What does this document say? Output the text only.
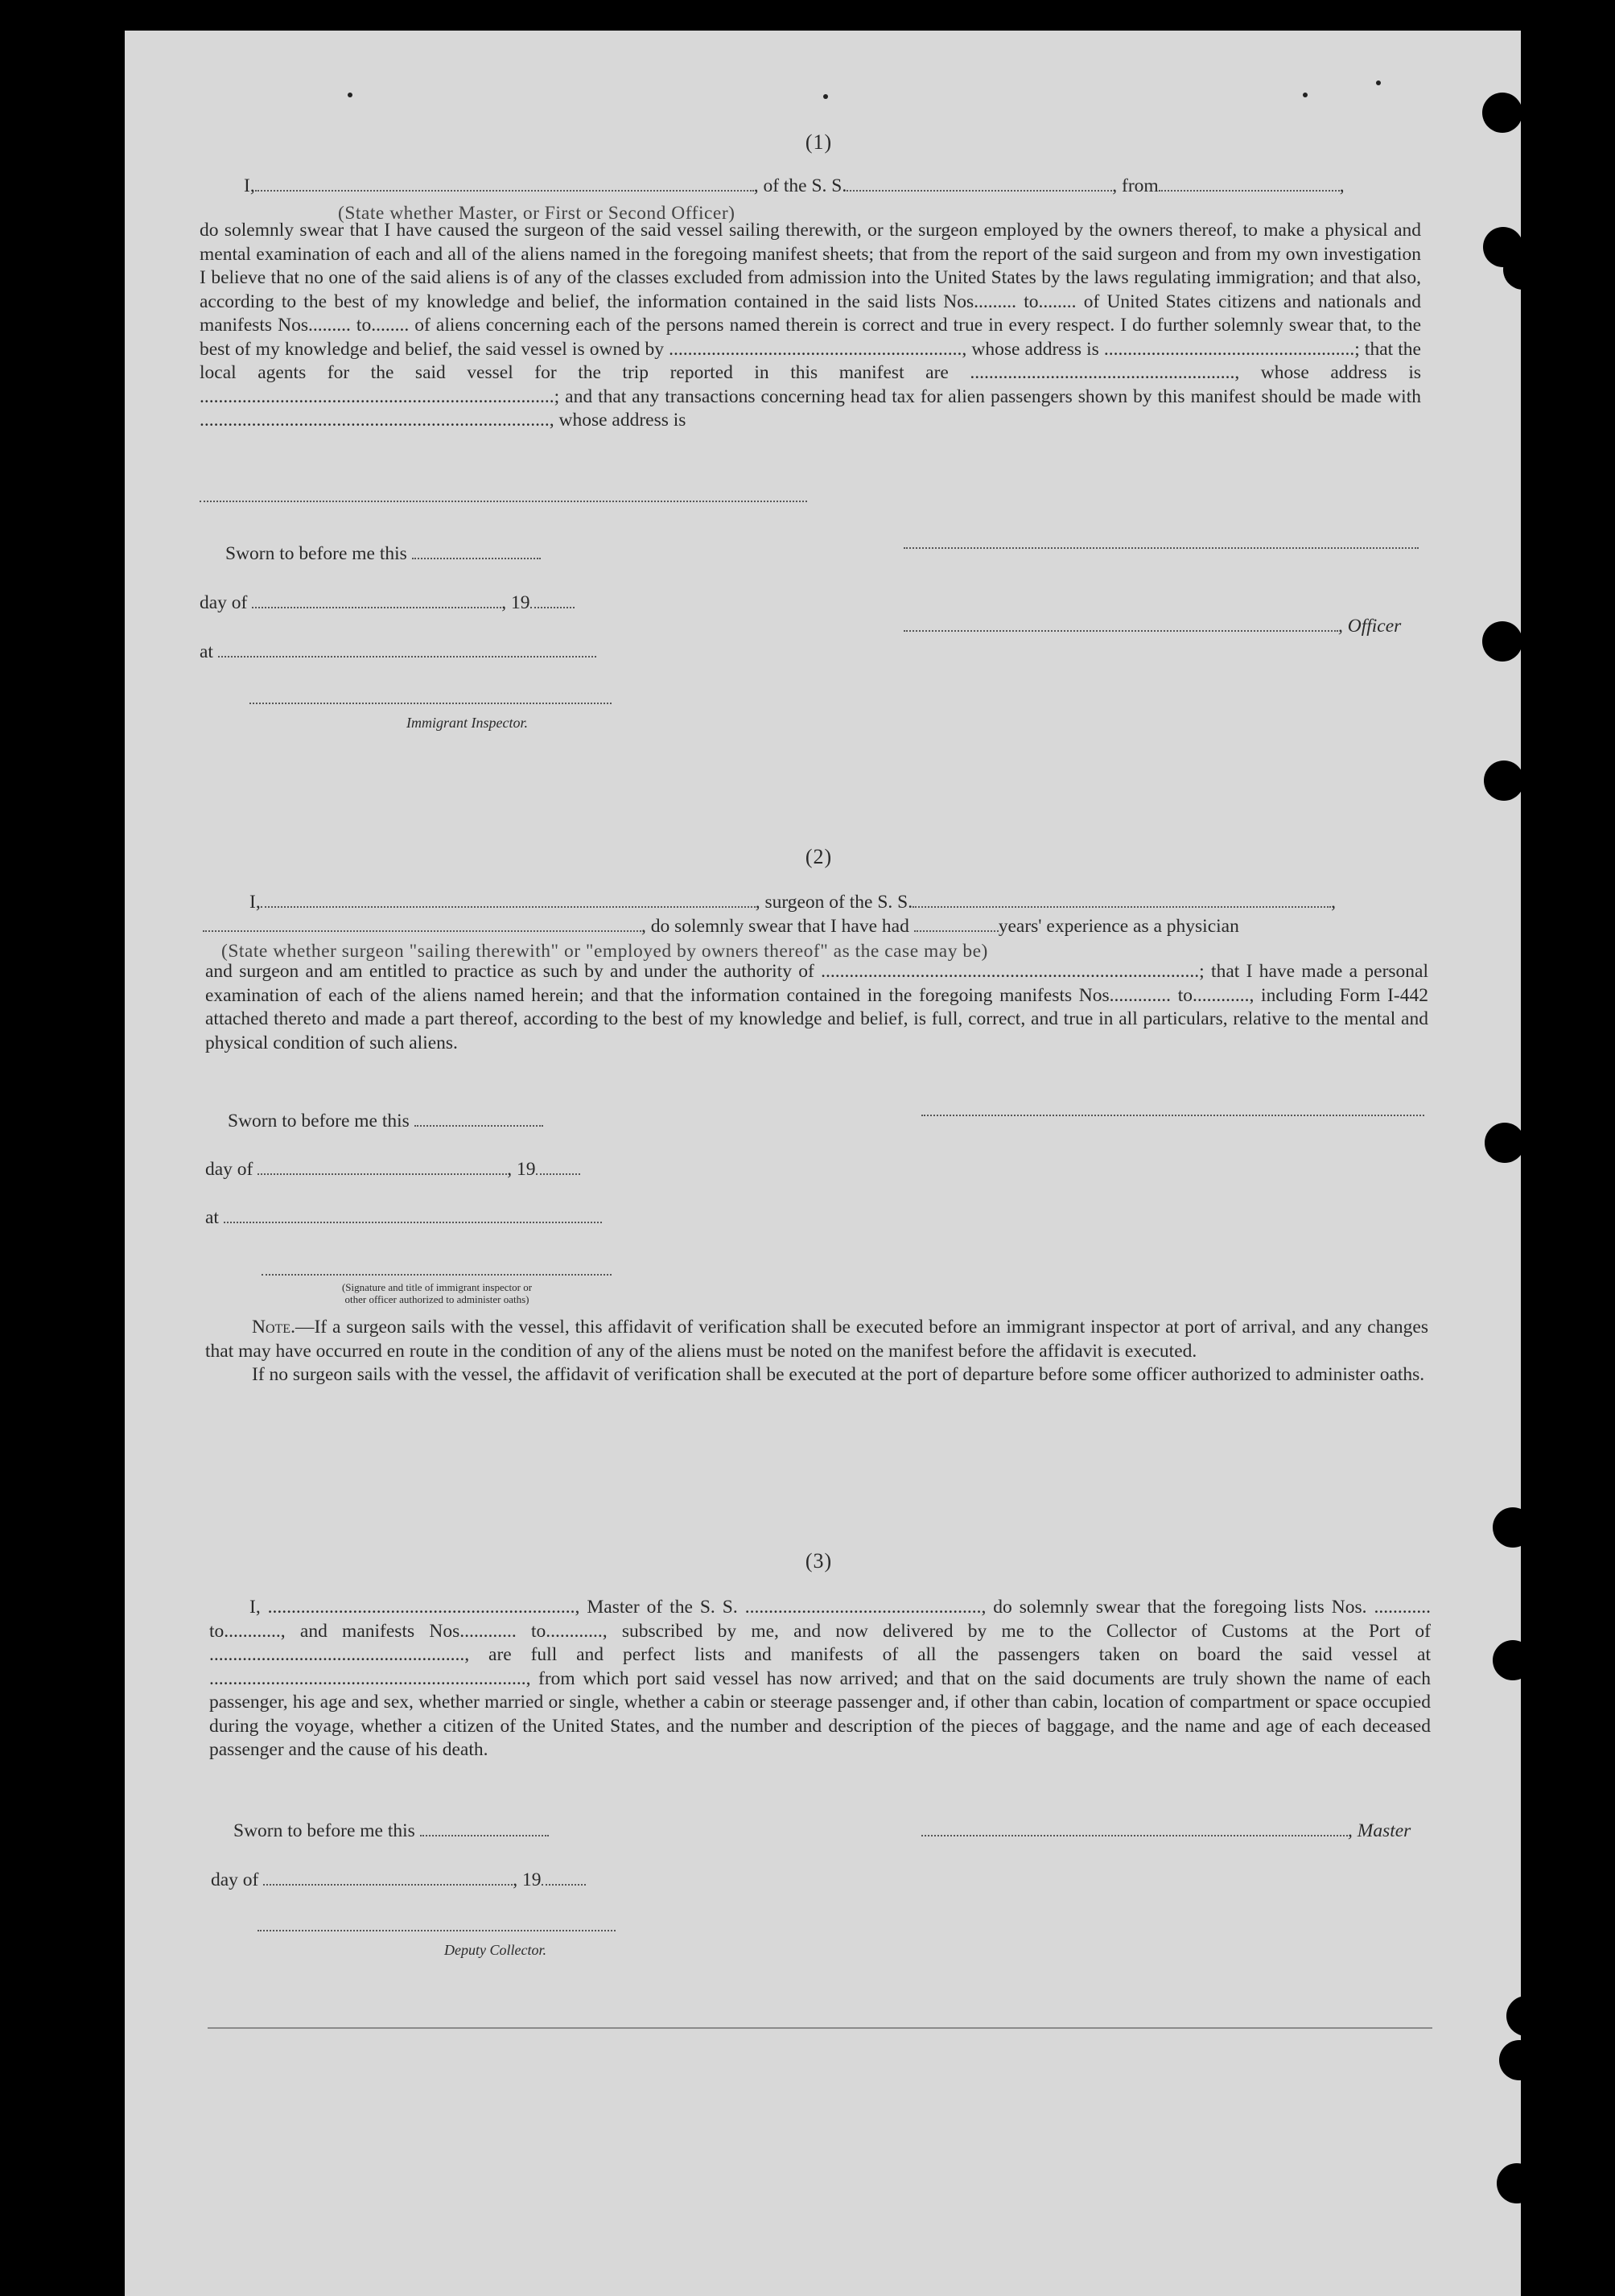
(1)
I,	, of the S. S.	, from	,
(State whether Master, or First or Second Officer)

do solemnly swear that I have caused the surgeon of the said vessel sailing therewith, or the surgeon employed by the owners thereof, to make a physical and mental examination of each and all of the aliens named in the foregoing manifest sheets; that from the report of the said surgeon and from my own investigation I believe that no one of the said aliens is of any of the classes excluded from admission into the United States by the laws regulating immigration; and that also, according to the best of my knowledge and belief, the information contained in the said lists Nos......... to........ of United States citizens and nationals and manifests Nos......... to........ of aliens concerning each of the persons named therein is correct and true in every respect. I do further solemnly swear that, to the best of my knowledge and belief, the said vessel is owned by .............................................................., whose address is .....................................................; that the local agents for the said vessel for the trip reported in this manifest are ........................................................, whose address is ...........................................................................; and that any transactions concerning head tax for alien passengers shown by this manifest should be made with .........................................................................., whose address is

Sworn to before me this
day of	, 19
, Officer
at
Immigrant Inspector.
(2)
I,	, surgeon of the S. S.	,
, do solemnly swear that I have had	years' experience as a physician
(State whether surgeon "sailing therewith" or "employed by owners thereof" as the case may be)

and surgeon and am entitled to practice as such by and under the authority of ................................................................................; that I have made a personal examination of each of the aliens named herein; and that the information contained in the foregoing manifests Nos............. to............, including Form I-442 attached thereto and made a part thereof, according to the best of my knowledge and belief, is full, correct, and true in all particulars, relative to the mental and physical condition of such aliens.

Sworn to before me this
day of	, 19
at
(Signature and title of immigrant inspector or
other officer authorized to administer oaths)

Note.—If a surgeon sails with the vessel, this affidavit of verification shall be executed before an immigrant inspector at port of arrival, and any changes that may have occurred en route in the condition of any of the aliens must be noted on the manifest before the affidavit is executed.

If no surgeon sails with the vessel, the affidavit of verification shall be executed at the port of departure before some officer authorized to administer oaths.

(3)

I, ................................................................., Master of the S. S. .................................................., do solemnly swear that the foregoing lists Nos. ............ to............, and manifests Nos............ to............, subscribed by me, and now delivered by me to the Collector of Customs at the Port of ......................................................, are full and perfect lists and manifests of all the passengers taken on board the said vessel at ..................................................................., from which port said vessel has now arrived; and that on the said documents are truly shown the name of each passenger, his age and sex, whether married or single, whether a cabin or steerage passenger and, if other than cabin, location of compartment or space occupied during the voyage, whether a citizen of the United States, and the number and description of the pieces of baggage, and the name and age of each deceased passenger and the cause of his death.

Sworn to before me this	, Master
day of	, 19
Deputy Collector.
